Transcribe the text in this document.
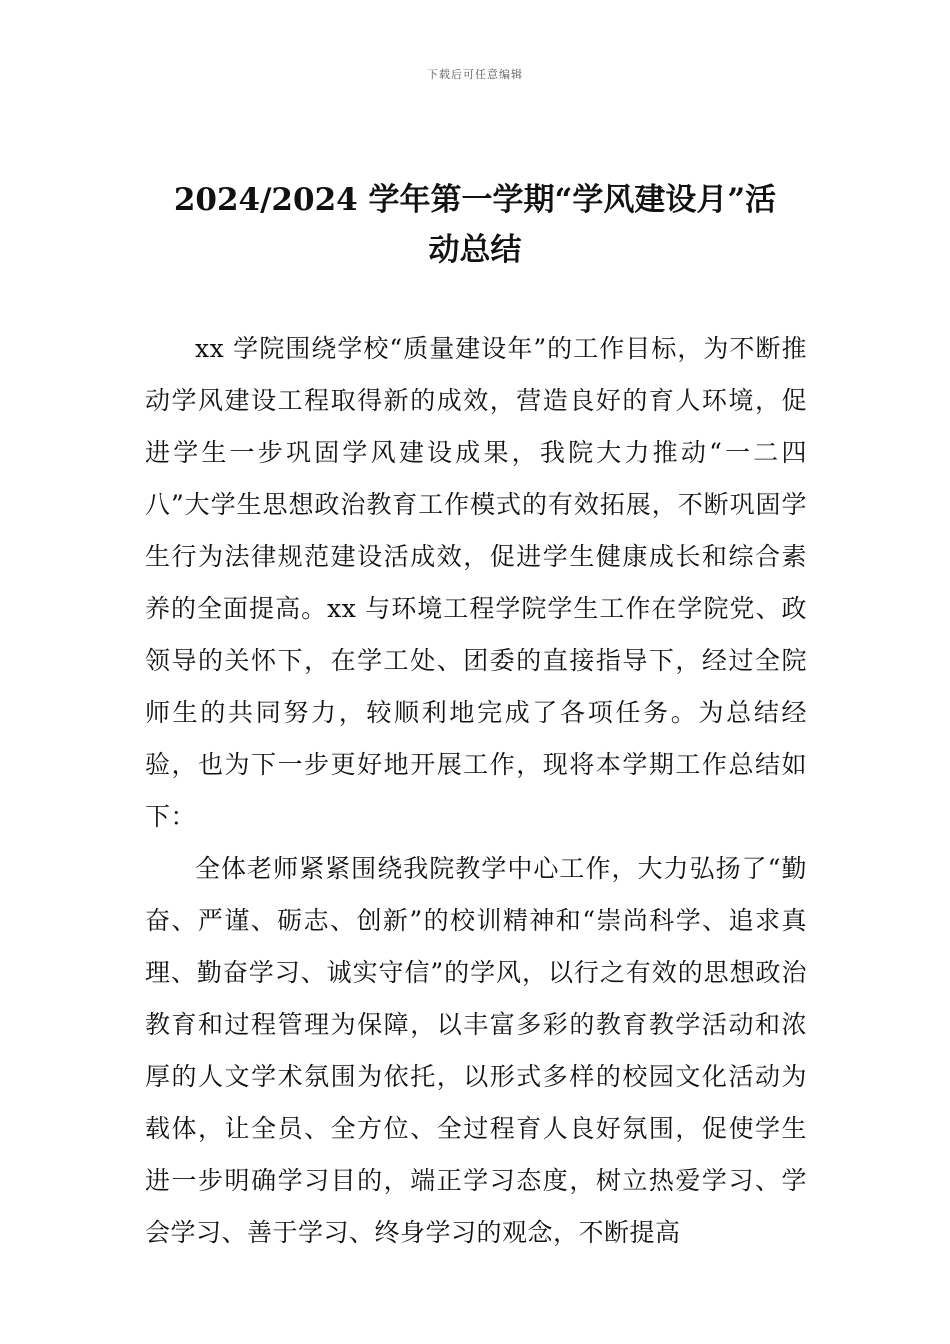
下载后可任意编辑
2024/2024 学年第一学期“学风建设月”活
动总结

xx 学院围绕学校“质量建设年”的工作目标，为不断推动学风建设工程取得新的成效，营造良好的育人环境，促进学生一步巩固学风建设成果，我院大力推动“一二四八”大学生思想政治教育工作模式的有效拓展，不断巩固学生行为法律规范建设活成效，促进学生健康成长和综合素养的全面提高。xx 与环境工程学院学生工作在学院党、政领导的关怀下，在学工处、团委的直接指导下，经过全院师生的共同努力，较顺利地完成了各项任务。为总结经验，也为下一步更好地开展工作，现将本学期工作总结如下：

全体老师紧紧围绕我院教学中心工作，大力弘扬了“勤奋、严谨、砺志、创新”的校训精神和“崇尚科学、追求真理、勤奋学习、诚实守信”的学风，以行之有效的思想政治教育和过程管理为保障，以丰富多彩的教育教学活动和浓厚的人文学术氛围为依托，以形式多样的校园文化活动为载体，让全员、全方位、全过程育人良好氛围，促使学生进一步明确学习目的，端正学习态度，树立热爱学习、学会学习、善于学习、终身学习的观念，不断提高
